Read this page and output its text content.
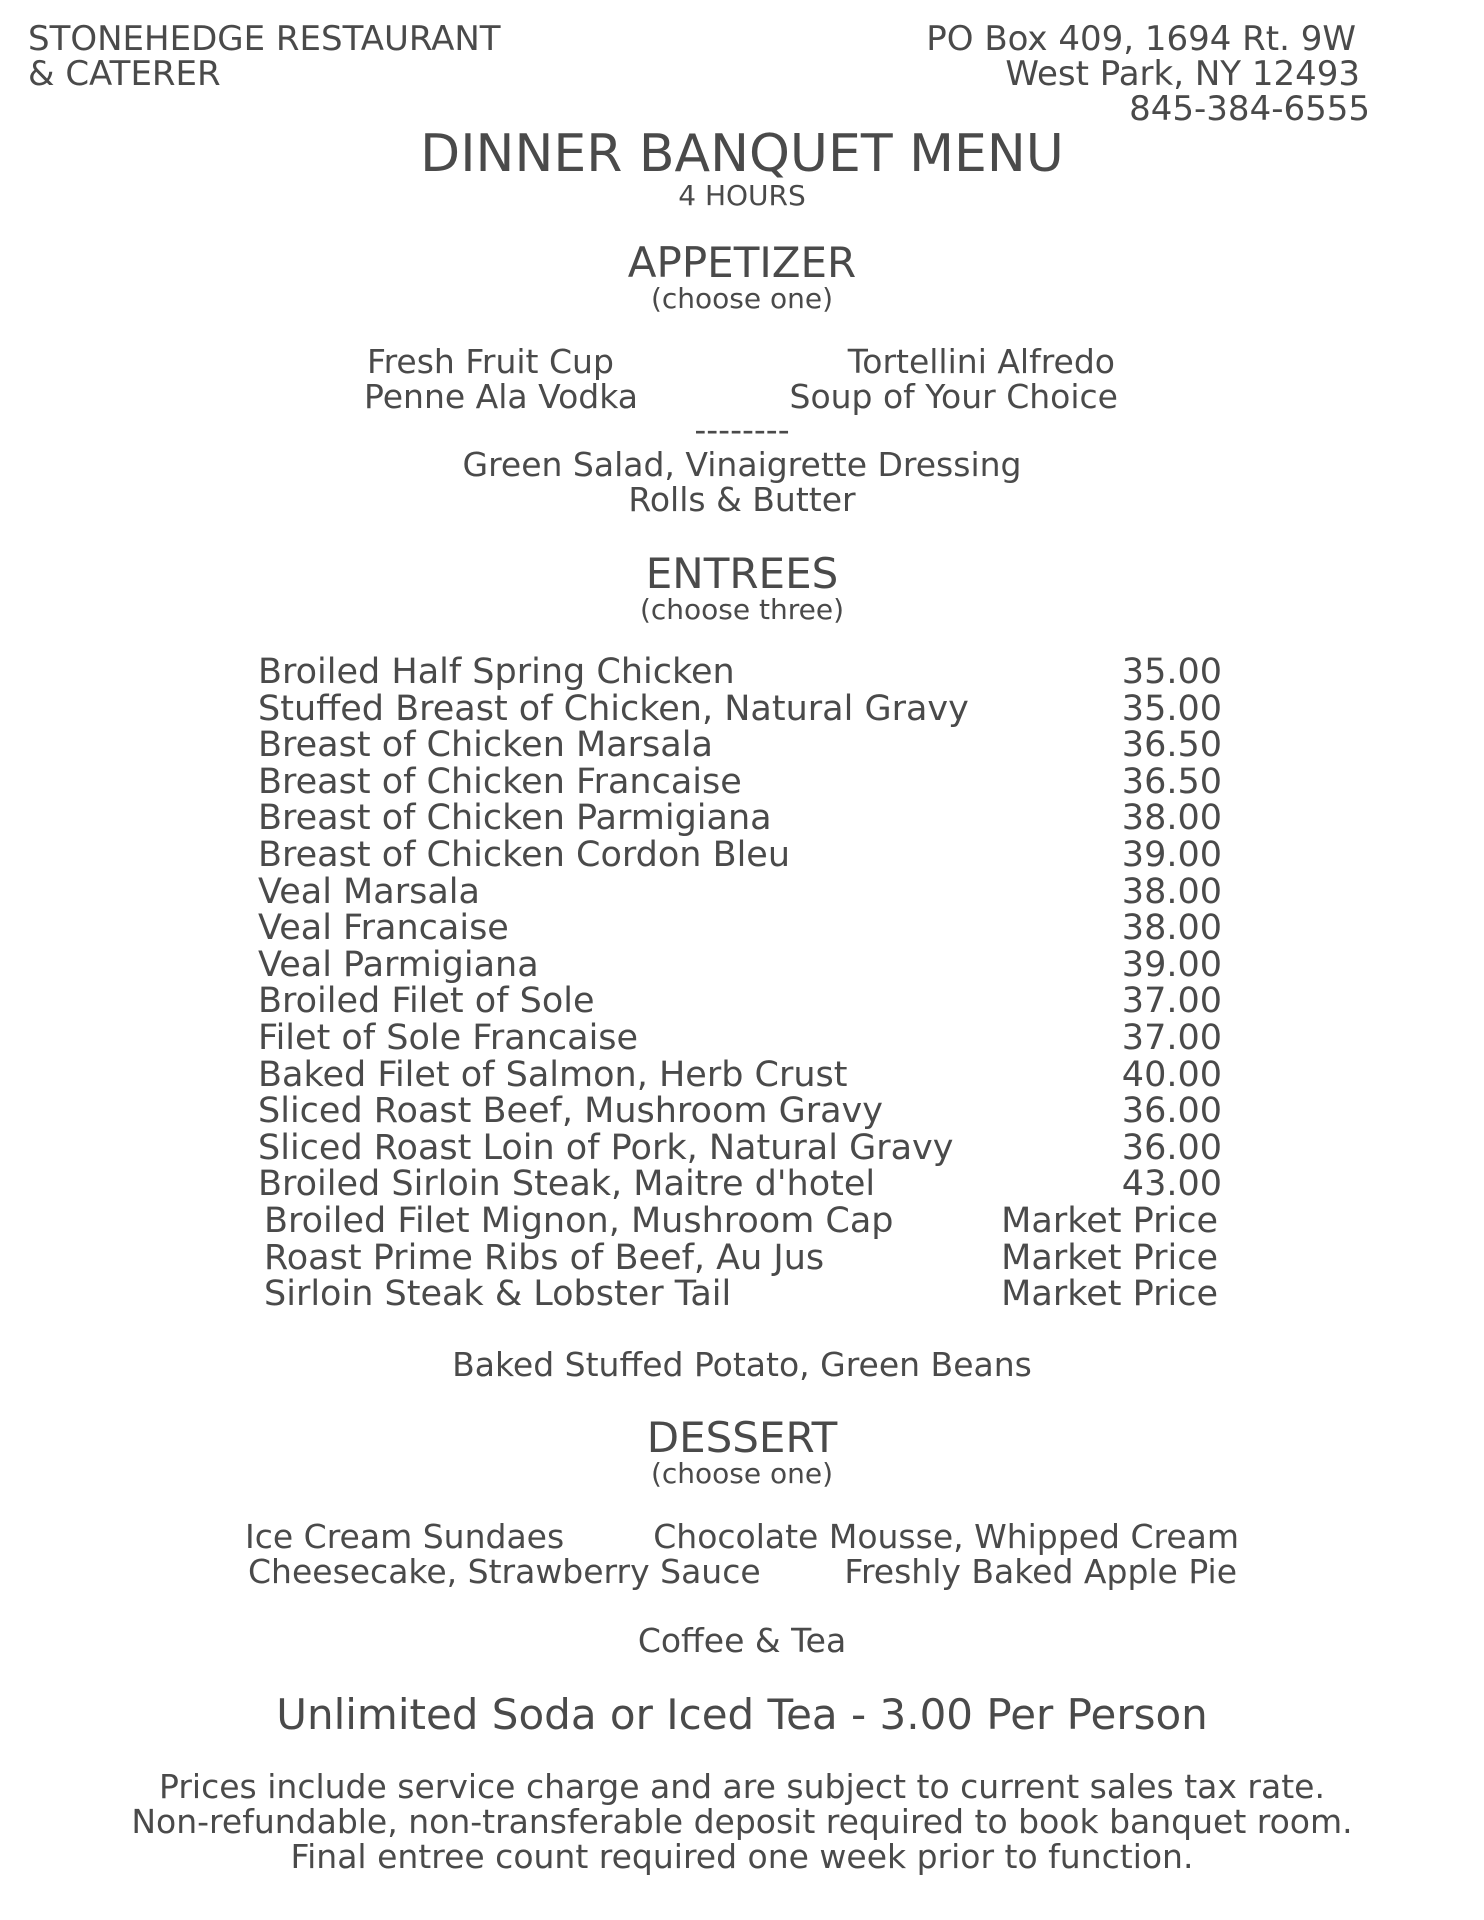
STONEHEDGE RESTAURANT
& CATERER
PO Box 409, 1694 Rt. 9W
West Park, NY 12493
845-384-6555
DINNER BANQUET MENU
4 HOURS
APPETIZER
(choose one)
Fresh Fruit Cup	Tortellini Alfredo
Penne Ala Vodka	Soup of Your Choice
--------
Green Salad, Vinaigrette Dressing
Rolls & Butter
ENTREES
(choose three)
Broiled Half Spring Chicken	35.00
Stuffed Breast of Chicken, Natural Gravy	35.00
Breast of Chicken Marsala	36.50
Breast of Chicken Francaise	36.50
Breast of Chicken Parmigiana	38.00
Breast of Chicken Cordon Bleu	39.00
Veal Marsala	38.00
Veal Francaise	38.00
Veal Parmigiana	39.00
Broiled Filet of Sole	37.00
Filet of Sole Francaise	37.00
Baked Filet of Salmon, Herb Crust	40.00
Sliced Roast Beef, Mushroom Gravy	36.00
Sliced Roast Loin of Pork, Natural Gravy	36.00
Broiled Sirloin Steak, Maitre d'hotel	43.00
Broiled Filet Mignon, Mushroom Cap	Market Price
Roast Prime Ribs of Beef, Au Jus	Market Price
Sirloin Steak & Lobster Tail	Market Price
Baked Stuffed Potato, Green Beans
DESSERT
(choose one)
Ice Cream Sundaes	Chocolate Mousse, Whipped Cream
Cheesecake, Strawberry Sauce	Freshly Baked Apple Pie
Coffee & Tea
Unlimited Soda or Iced Tea - 3.00 Per Person
Prices include service charge and are subject to current sales tax rate.
Non-refundable, non-transferable deposit required to book banquet room.
Final entree count required one week prior to function.
